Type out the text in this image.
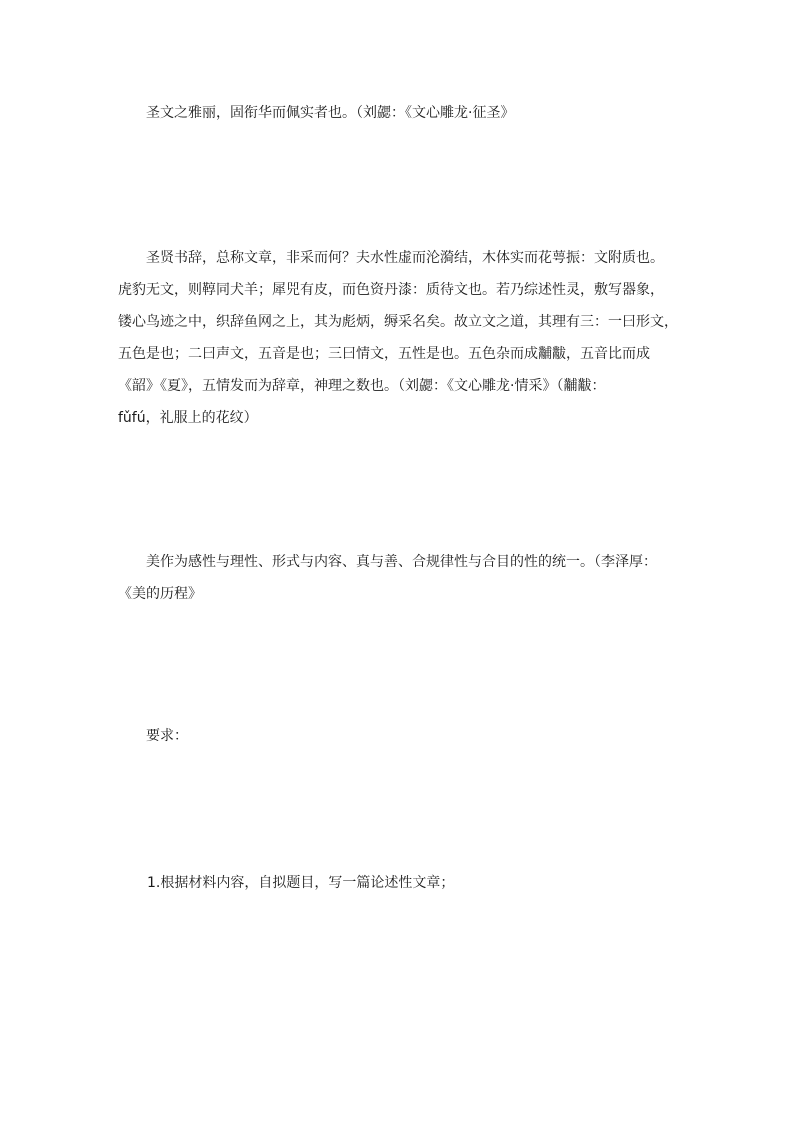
圣文之雅丽，固衔华而佩实者也。（刘勰：《文心雕龙·征圣》
圣贤书辞，总称文章，非采而何？夫水性虚而沦漪结，木体实而花萼振：文附质也。
虎豹无文，则鞟同犬羊；犀兕有皮，而色资丹漆：质待文也。若乃综述性灵，敷写器象，
镂心鸟迹之中，织辞鱼网之上，其为彪炳，缛采名矣。故立文之道，其理有三：一曰形文，
五色是也；二曰声文，五音是也；三曰情文，五性是也。五色杂而成黼黻，五音比而成
《韶》《夏》，五情发而为辞章，神理之数也。（刘勰：《文心雕龙·情采》（黼黻：
fǔfú，礼服上的花纹）
美作为感性与理性、形式与内容、真与善、合规律性与合目的性的统一。（李泽厚：
《美的历程》
要求：
1.根据材料内容，自拟题目，写一篇论述性文章；
